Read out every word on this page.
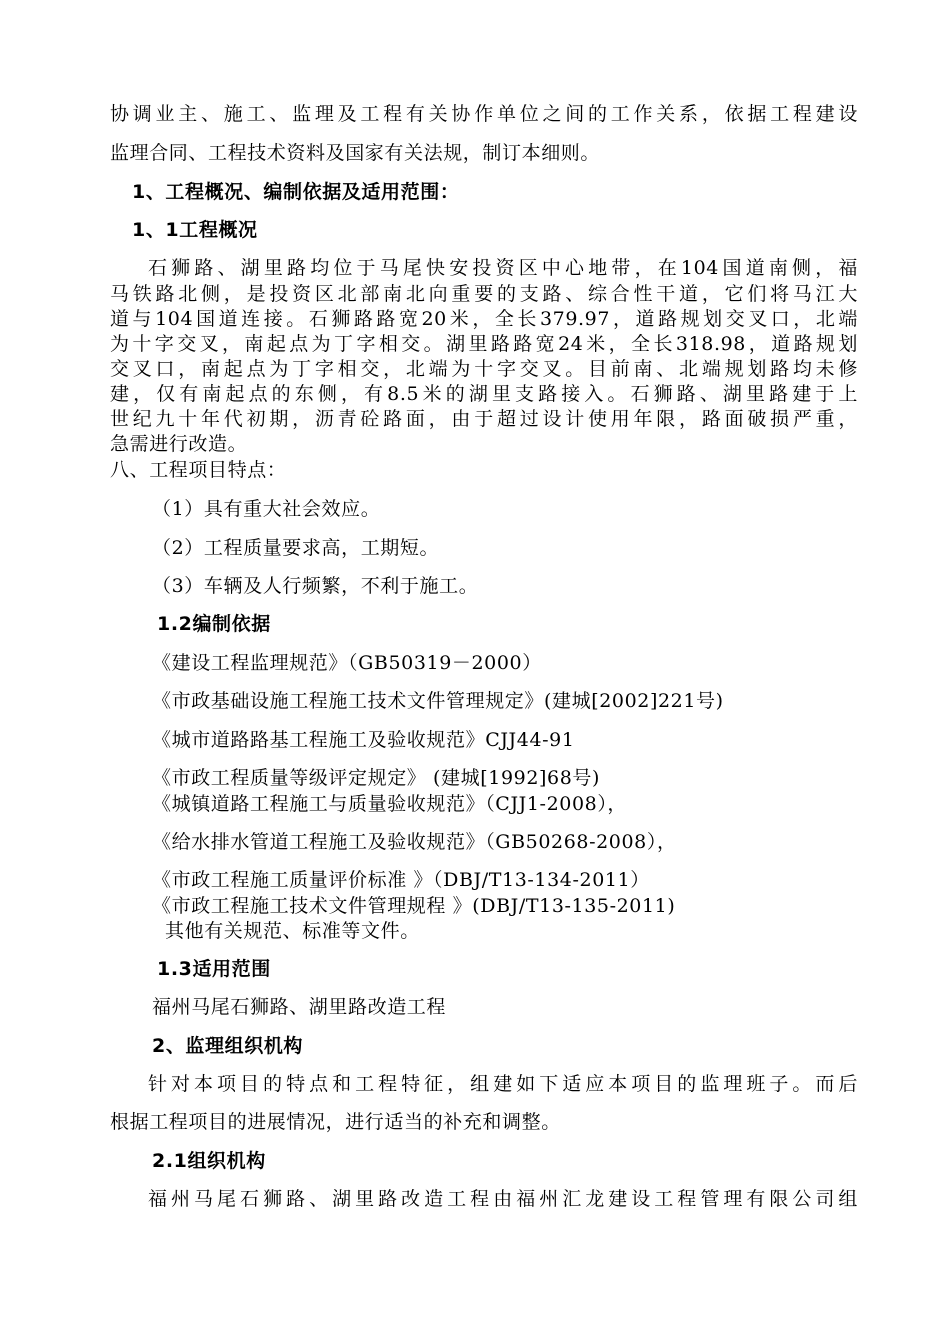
协调业主、施工、监理及工程有关协作单位之间的工作关系，依据工程建设
监理合同、工程技术资料及国家有关法规，制订本细则。
1、工程概况、编制依据及适用范围：
1、1工程概况
石狮路、湖里路均位于马尾快安投资区中心地带，在104国道南侧，福
马铁路北侧，是投资区北部南北向重要的支路、综合性干道，它们将马江大
道与104国道连接。石狮路路宽20米，全长379.97，道路规划交叉口，北端
为十字交叉，南起点为丁字相交。湖里路路宽24米，全长318.98，道路规划
交叉口，南起点为丁字相交，北端为十字交叉。目前南、北端规划路均未修
建，仅有南起点的东侧，有8.5米的湖里支路接入。石狮路、湖里路建于上
世纪九十年代初期，沥青砼路面，由于超过设计使用年限，路面破损严重，
急需进行改造。
八、工程项目特点：
（1）具有重大社会效应。
（2）工程质量要求高，工期短。
（3）车辆及人行频繁，不利于施工。
1.2编制依据
《建设工程监理规范》（GB50319－2000）
《市政基础设施工程施工技术文件管理规定》(建城[2002]221号)
《城市道路路基工程施工及验收规范》CJJ44-91
《市政工程质量等级评定规定》 (建城[1992]68号)
《城镇道路工程施工与质量验收规范》（CJJ1-2008），
《给水排水管道工程施工及验收规范》（GB50268-2008），
《市政工程施工质量评价标准 》（DBJ/T13-134-2011）
《市政工程施工技术文件管理规程 》(DBJ/T13-135-2011)
其他有关规范、标准等文件。
1.3适用范围
福州马尾石狮路、湖里路改造工程
2、监理组织机构
针对本项目的特点和工程特征，组建如下适应本项目的监理班子。而后
根据工程项目的进展情况，进行适当的补充和调整。
2.1组织机构
福州马尾石狮路、湖里路改造工程由福州汇龙建设工程管理有限公司组
